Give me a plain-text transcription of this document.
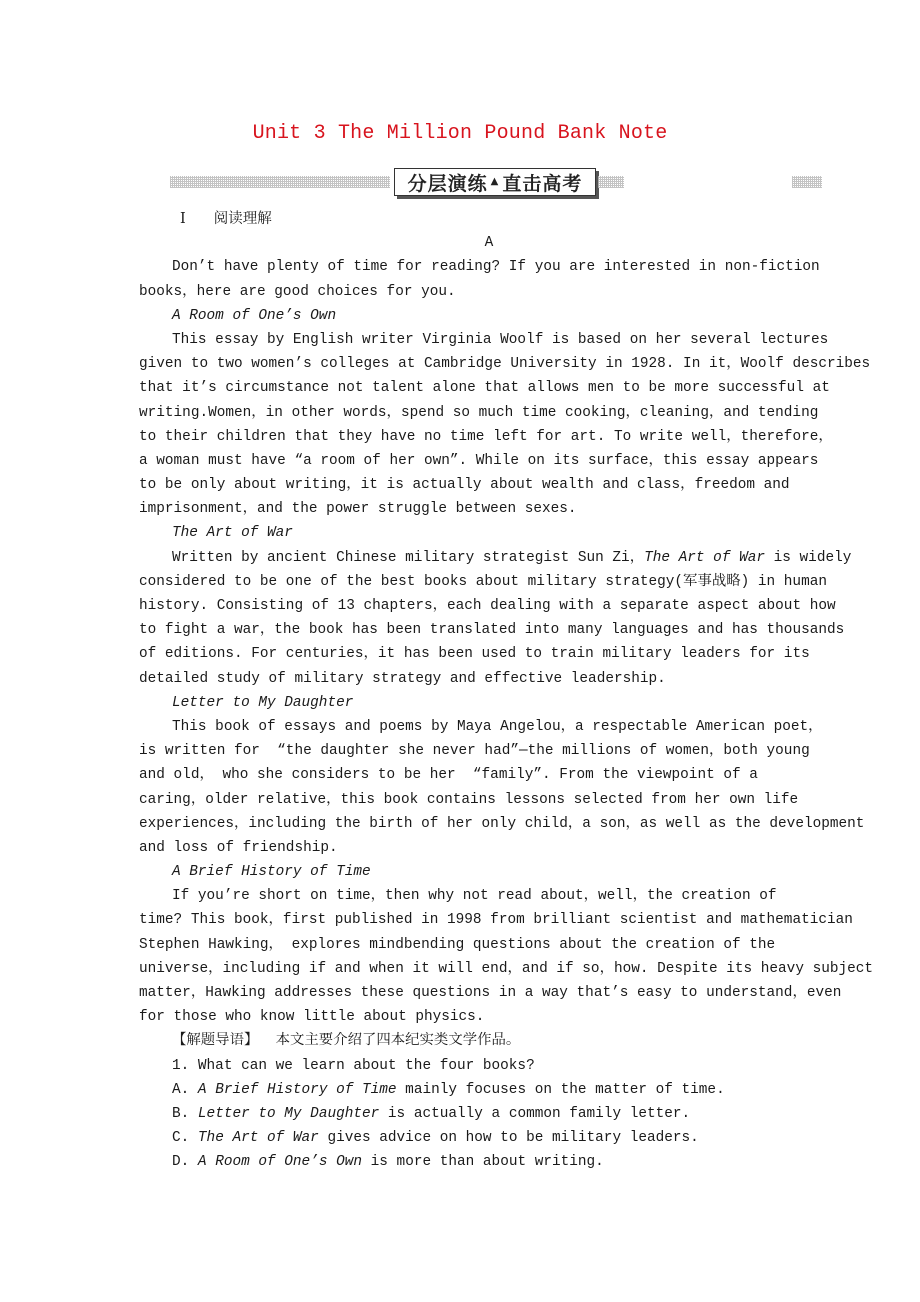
Unit 3 The Million Pound Bank Note
分层演练 ▲ 直击高考
Ⅰ 阅读理解
A
Don’t have plenty of time for reading? If you are interested in non-fiction
books，here are good choices for you.
A Room of One’s Own
This essay by English writer Virginia Woolf is based on her several lectures
given to two women’s colleges at Cambridge University in 1928. In it，Woolf describes
that it’s circumstance not talent alone that allows men to be more successful at
writing.Women，in other words，spend so much time cooking，cleaning，and tending
to their children that they have no time left for art. To write well，therefore，
a woman must have “a room of her own”. While on its surface，this essay appears
to be only about writing，it is actually about wealth and class，freedom and
imprisonment，and the power struggle between sexes.
The Art of War
Written by ancient Chinese military strategist Sun Zi，The Art of War is widely
considered to be one of the best books about military strategy(军事战略) in human
history. Consisting of 13 chapters，each dealing with a separate aspect about how
to fight a war，the book has been translated into many languages and has thousands
of editions. For centuries，it has been used to train military leaders for its
detailed study of military strategy and effective leadership.
Letter to My Daughter
This book of essays and poems by Maya Angelou，a respectable American poet，
is written for  “the daughter she never had”—the millions of women，both young
and old， who she considers to be her  “family”. From the viewpoint of a
caring，older relative，this book contains lessons selected from her own life
experiences，including the birth of her only child，a son，as well as the development
and loss of friendship.
A Brief History of Time
If you’re short on time，then why not read about，well，the creation of
time? This book，first published in 1998 from brilliant scientist and mathematician
Stephen Hawking， explores mindbending questions about the creation of the
universe，including if and when it will end，and if so，how. Despite its heavy subject
matter，Hawking addresses these questions in a way that’s easy to understand，even
for those who know little about physics.
【解题导语】  本文主要介绍了四本纪实类文学作品。
1. What can we learn about the four books?
A. A Brief History of Time mainly focuses on the matter of time.
B. Letter to My Daughter is actually a common family letter.
C. The Art of War gives advice on how to be military leaders.
D. A Room of One’s Own is more than about writing.
